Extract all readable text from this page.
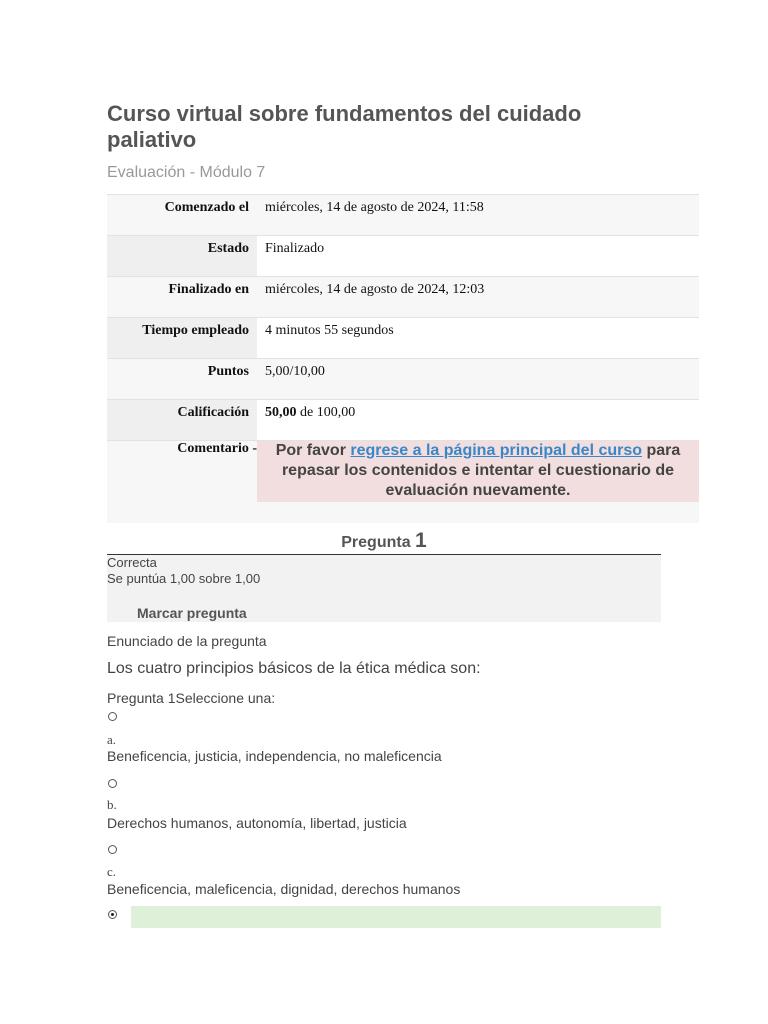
Curso virtual sobre fundamentos del cuidado paliativo
Evaluación - Módulo 7
Comenzado el	miércoles, 14 de agosto de 2024, 11:58
Estado	Finalizado
Finalizado en	miércoles, 14 de agosto de 2024, 12:03
Tiempo empleado	4 minutos 55 segundos
Puntos	5,00/10,00
Calificación	50,00 de 100,00
Comentario -	Por favor regrese a la página principal del curso para repasar los contenidos e intentar el cuestionario de evaluación nuevamente.
Pregunta 1
Correcta
Se puntúa 1,00 sobre 1,00
Marcar pregunta
Enunciado de la pregunta
Los cuatro principios básicos de la ética médica son:
Pregunta 1Seleccione una:
a.
Beneficencia, justicia, independencia, no maleficencia
b.
Derechos humanos, autonomía, libertad, justicia
c.
Beneficencia, maleficencia, dignidad, derechos humanos
